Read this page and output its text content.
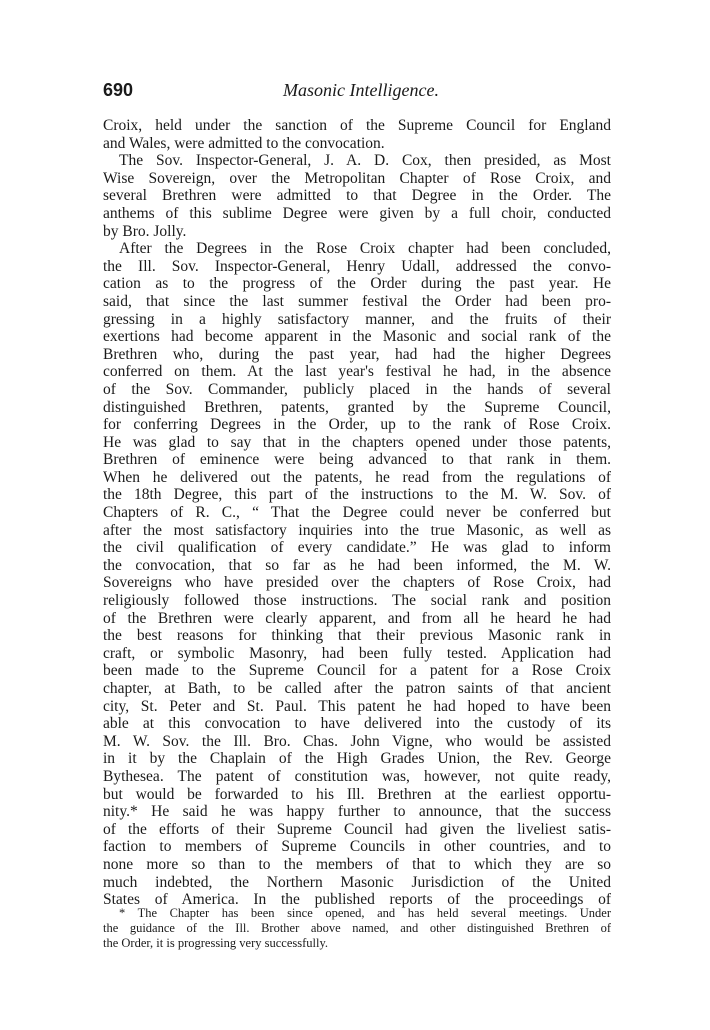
690	Masonic Intelligence.
Croix, held under the sanction of the Supreme Council for England
and Wales, were admitted to the convocation.
The Sov. Inspector-General, J. A. D. Cox, then presided, as Most
Wise Sovereign, over the Metropolitan Chapter of Rose Croix, and
several Brethren were admitted to that Degree in the Order. The
anthems of this sublime Degree were given by a full choir, conducted
by Bro. Jolly.
After the Degrees in the Rose Croix chapter had been concluded,
the Ill. Sov. Inspector-General, Henry Udall, addressed the convo-
cation as to the progress of the Order during the past year. He
said, that since the last summer festival the Order had been pro-
gressing in a highly satisfactory manner, and the fruits of their
exertions had become apparent in the Masonic and social rank of the
Brethren who, during the past year, had had the higher Degrees
conferred on them. At the last year's festival he had, in the absence
of the Sov. Commander, publicly placed in the hands of several
distinguished Brethren, patents, granted by the Supreme Council,
for conferring Degrees in the Order, up to the rank of Rose Croix.
He was glad to say that in the chapters opened under those patents,
Brethren of eminence were being advanced to that rank in them.
When he delivered out the patents, he read from the regulations of
the 18th Degree, this part of the instructions to the M. W. Sov. of
Chapters of R. C., “ That the Degree could never be conferred but
after the most satisfactory inquiries into the true Masonic, as well as
the civil qualification of every candidate.” He was glad to inform
the convocation, that so far as he had been informed, the M. W.
Sovereigns who have presided over the chapters of Rose Croix, had
religiously followed those instructions. The social rank and position
of the Brethren were clearly apparent, and from all he heard he had
the best reasons for thinking that their previous Masonic rank in
craft, or symbolic Masonry, had been fully tested. Application had
been made to the Supreme Council for a patent for a Rose Croix
chapter, at Bath, to be called after the patron saints of that ancient
city, St. Peter and St. Paul. This patent he had hoped to have been
able at this convocation to have delivered into the custody of its
M. W. Sov. the Ill. Bro. Chas. John Vigne, who would be assisted
in it by the Chaplain of the High Grades Union, the Rev. George
Bythesea. The patent of constitution was, however, not quite ready,
but would be forwarded to his Ill. Brethren at the earliest opportu-
nity.* He said he was happy further to announce, that the success
of the efforts of their Supreme Council had given the liveliest satis-
faction to members of Supreme Councils in other countries, and to
none more so than to the members of that to which they are so
much indebted, the Northern Masonic Jurisdiction of the United
States of America. In the published reports of the proceedings of
* The Chapter has been since opened, and has held several meetings. Under
the guidance of the Ill. Brother above named, and other distinguished Brethren of
the Order, it is progressing very successfully.
